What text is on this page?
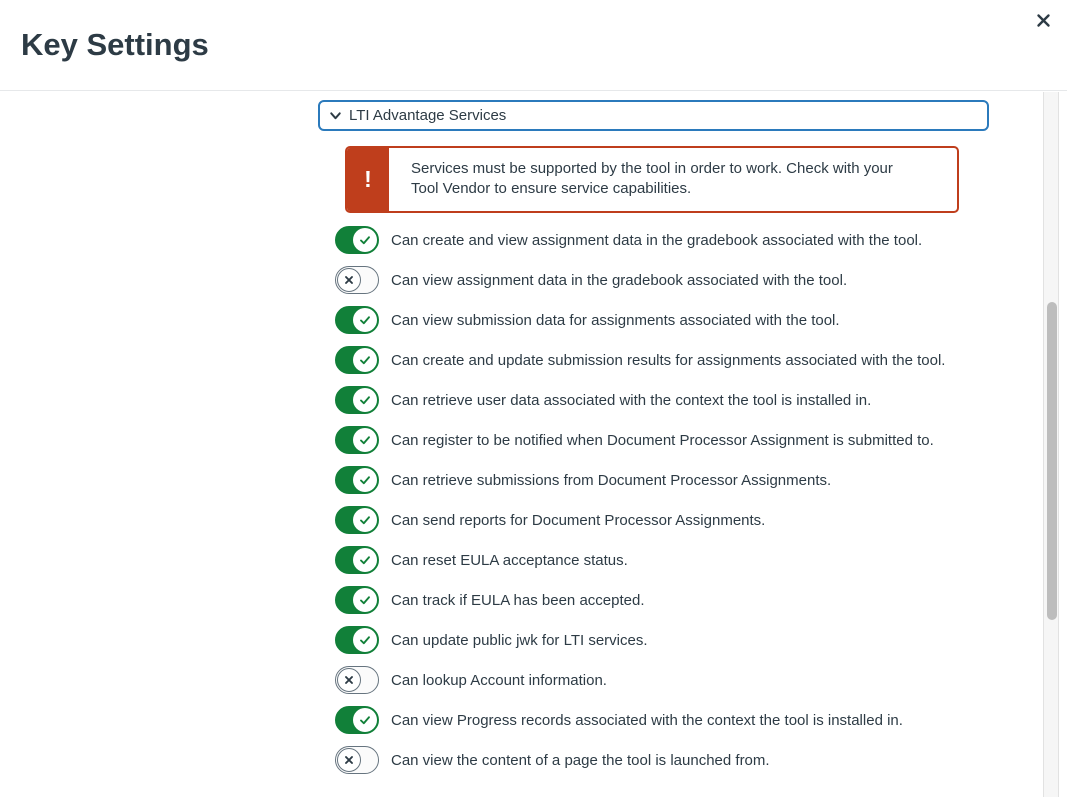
Key Settings
LTI Advantage Services
!	Services must be supported by the tool in order to work. Check with your Tool Vendor to ensure service capabilities.

Can create and view assignment data in the gradebook associated with the tool.
Can view assignment data in the gradebook associated with the tool.
Can view submission data for assignments associated with the tool.
Can create and update submission results for assignments associated with the tool.
Can retrieve user data associated with the context the tool is installed in.
Can register to be notified when Document Processor Assignment is submitted to.
Can retrieve submissions from Document Processor Assignments.
Can send reports for Document Processor Assignments.
Can reset EULA acceptance status.
Can track if EULA has been accepted.
Can update public jwk for LTI services.
Can lookup Account information.
Can view Progress records associated with the context the tool is installed in.
Can view the content of a page the tool is launched from.
